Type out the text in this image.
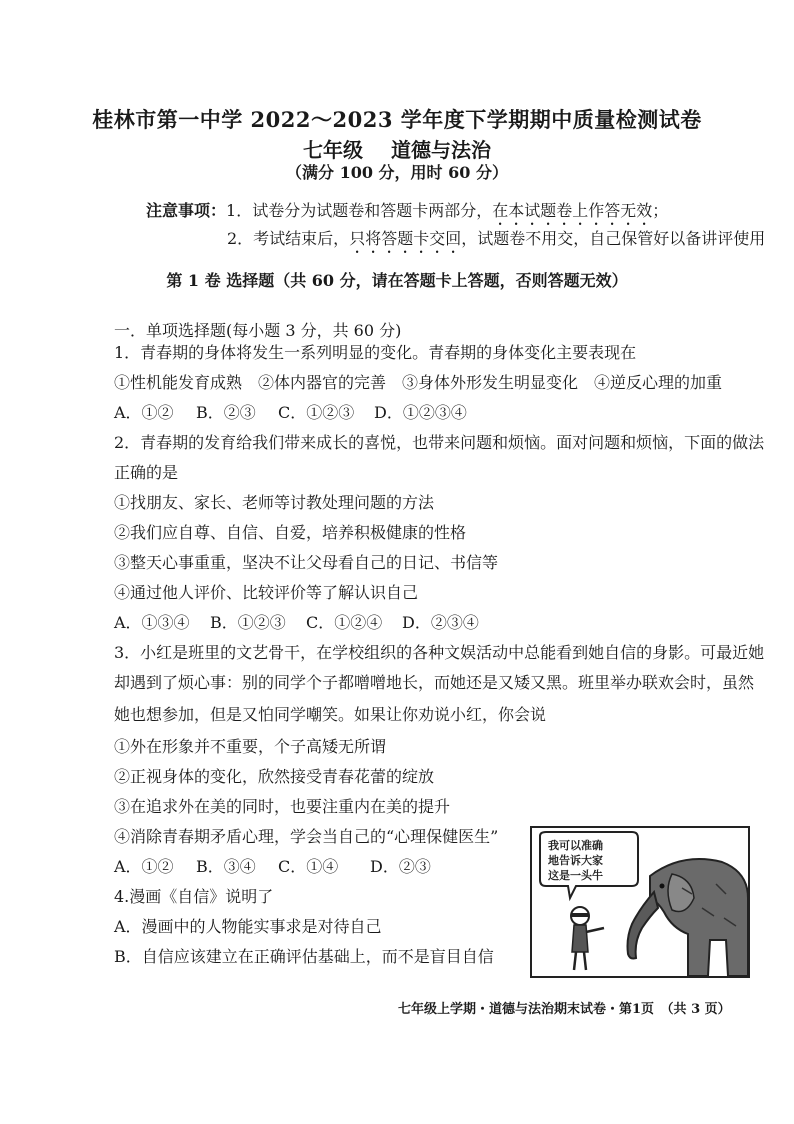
桂林市第一中学 2022～2023 学年度下学期期中质量检测试卷
七年级 道德与法治
（满分 100 分，用时 60 分）
注意事项：1．试卷分为试题卷和答题卡两部分，在本试题卷上作答无效；
2．考试结束后，只将答题卡交回，试题卷不用交，自己保管好以备讲评使用
第 1 卷 选择题（共 60 分，请在答题卡上答题，否则答题无效）
一．单项选择题(每小题 3 分，共 60 分)
1．青春期的身体将发生一系列明显的变化。青春期的身体变化主要表现在
①性机能发育成熟　②体内器官的完善　③身体外形发生明显变化　④逆反心理的加重
A．①② B．②③ C．①②③ D．①②③④
2．青春期的发育给我们带来成长的喜悦，也带来问题和烦恼。面对问题和烦恼，下面的做法
正确的是
①找朋友、家长、老师等讨教处理问题的方法
②我们应自尊、自信、自爱，培养积极健康的性格
③整天心事重重，坚决不让父母看自己的日记、书信等
④通过他人评价、比较评价等了解认识自己
A．①③④ B．①②③ C．①②④ D．②③④
3．小红是班里的文艺骨干，在学校组织的各种文娱活动中总能看到她自信的身影。可最近她
却遇到了烦心事：别的同学个子都噌噌地长，而她还是又矮又黑。班里举办联欢会时，虽然
她也想参加，但是又怕同学嘲笑。如果让你劝说小红，你会说
①外在形象并不重要，个子高矮无所谓
②正视身体的变化，欣然接受青春花蕾的绽放
③在追求外在美的同时，也要注重内在美的提升
④消除青春期矛盾心理，学会当自己的“心理保健医生”
A．①② B．③④ C．①④ D．②③
4.漫画《自信》说明了
A．漫画中的人物能实事求是对待自己
B．自信应该建立在正确评估基础上，而不是盲目自信
我可以准确
地告诉大家
这是一头牛
七年级上学期・道德与法治期末试卷・第1页　（共 3 页）
